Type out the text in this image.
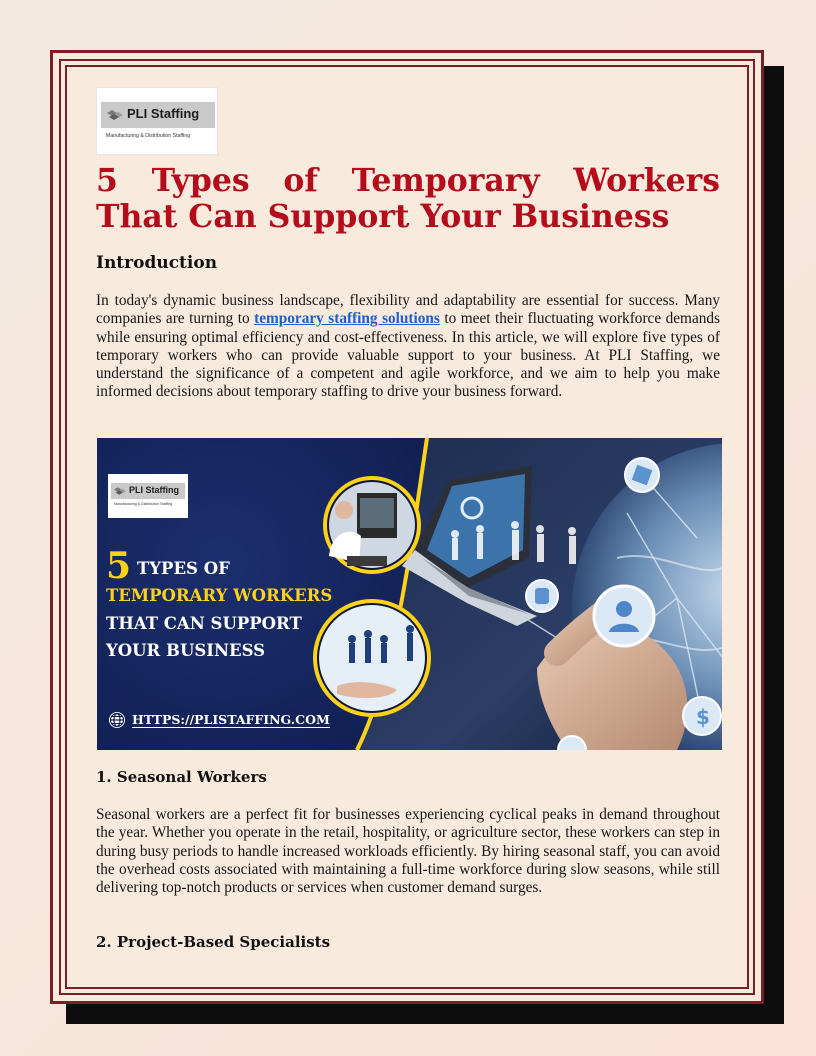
PLI Staffing
Manufacturing & Distribution Staffing
5 Types of Temporary Workers That Can Support Your Business
Introduction

In today's dynamic business landscape, flexibility and adaptability are essential for success. Many companies are turning to temporary staffing solutions to meet their fluctuating workforce demands while ensuring optimal efficiency and cost-effectiveness. In this article, we will explore five types of temporary workers who can provide valuable support to your business. At PLI Staffing, we understand the significance of a competent and agile workforce, and we aim to help you make informed decisions about temporary staffing to drive your business forward.

$
PLI Staffing
Manufacturing & Distribution Staffing
5 TYPES OF
TEMPORARY WORKERS
THAT CAN SUPPORT
YOUR BUSINESS
HTTPS://PLISTAFFING.COM
1. Seasonal Workers

Seasonal workers are a perfect fit for businesses experiencing cyclical peaks in demand throughout the year. Whether you operate in the retail, hospitality, or agriculture sector, these workers can step in during busy periods to handle increased workloads efficiently. By hiring seasonal staff, you can avoid the overhead costs associated with maintaining a full-time workforce during slow seasons, while still delivering top-notch products or services when customer demand surges.

2. Project-Based Specialists
